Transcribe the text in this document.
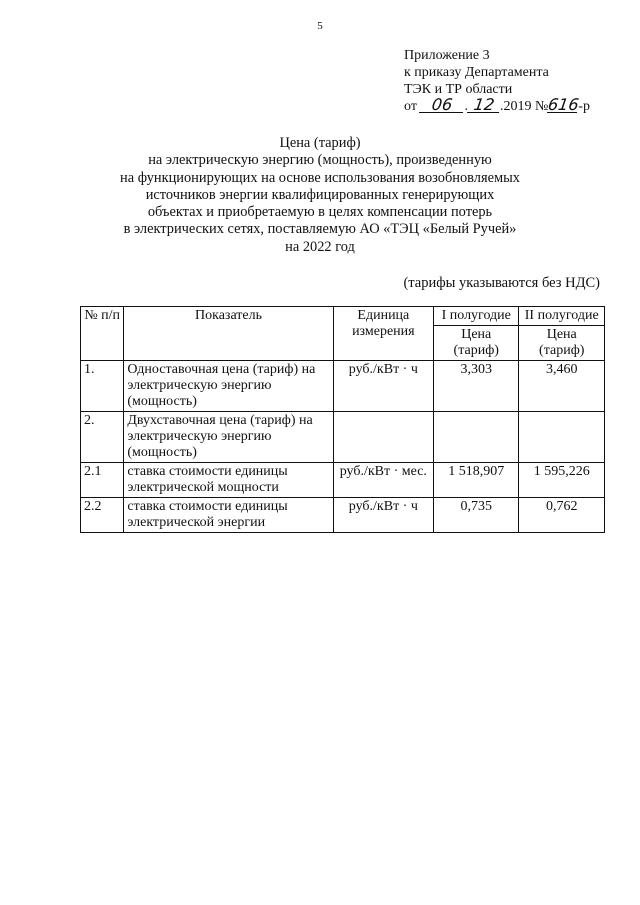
5
Приложение 3
к приказу Департамента
ТЭК и ТР области
от 06 . 12 .2019 №616-р
Цена (тариф)
на электрическую энергию (мощность), произведенную
на функционирующих на основе использования возобновляемых
источников энергии квалифицированных генерирующих
объектах и приобретаемую в целях компенсации потерь
в электрических сетях, поставляемую АО «ТЭЦ «Белый Ручей»
на 2022 год
(тарифы указываются без НДС)
№ п/п	Показатель	Единица измерения	I полугодие	II полугодие
			Цена (тариф)	Цена (тариф)
1.	Одноставочная цена (тариф) на электрическую энергию (мощность)	руб./кВт · ч	3,303	3,460
2.	Двухставочная цена (тариф) на электрическую энергию (мощность)			
2.1	ставка стоимости единицы электрической мощности	руб./кВт · мес.	1 518,907	1 595,226
2.2	ставка стоимости единицы электрической энергии	руб./кВт · ч	0,735	0,762
